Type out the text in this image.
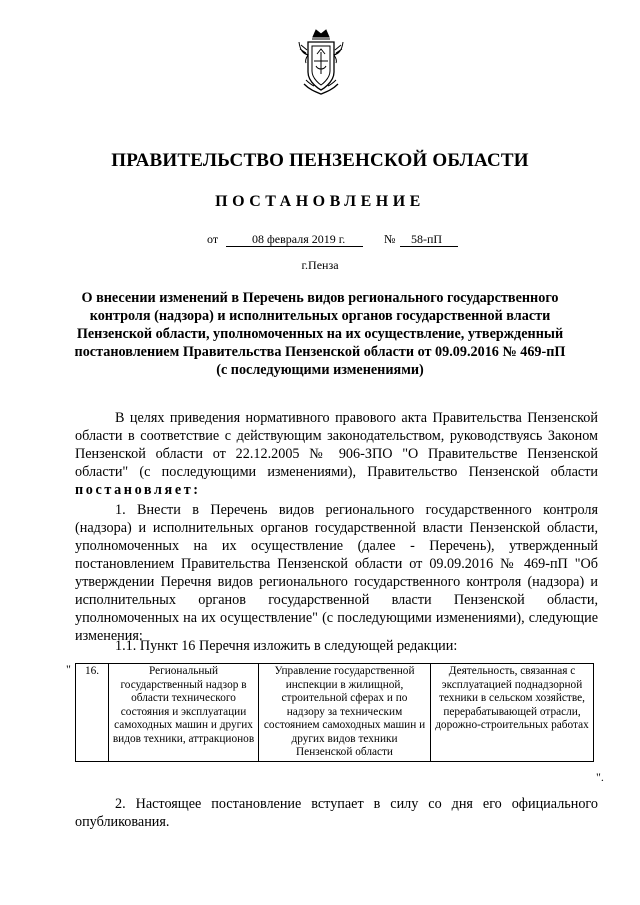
ПРАВИТЕЛЬСТВО ПЕНЗЕНСКОЙ ОБЛАСТИ
ПОСТАНОВЛЕНИЕ
от	08 февраля 2019 г.	№ 58-пП
г.Пенза
О внесении изменений в Перечень видов регионального государственного контроля (надзора) и исполнительных органов государственной власти Пензенской области, уполномоченных на их осуществление, утвержденный постановлением Правительства Пензенской области от 09.09.2016 № 469-пП (с последующими изменениями)

В целях приведения нормативного правового акта Правительства Пензенской области в соответствие с действующим законодательством, руководствуясь Законом Пензенской области от 22.12.2005 № 906-ЗПО "О Правительстве Пензенской области" (с последующими изменениями), Правительство Пензенской области постановляет:

1. Внести в Перечень видов регионального государственного контроля (надзора) и исполнительных органов государственной власти Пензенской области, уполномоченных на их осуществление (далее - Перечень), утвержденный постановлением Правительства Пензенской области от 09.09.2016 № 469-пП "Об утверждении Перечня видов регионального государственного контроля (надзора) и исполнительных органов государственной власти Пензенской области, уполномоченных на их осуществление" (с последующими изменениями), следующие изменения:

1.1. Пункт 16 Перечня изложить в следующей редакции:

" 16.	Региональный государственный надзор в области технического состояния и эксплуатации самоходных машин и других видов техники, аттракционов	Управление государственной инспекции в жилищной, строительной сферах и по надзору за техническим состоянием самоходных машин и других видов техники Пензенской области	Деятельность, связанная с эксплуатацией поднадзорной техники в сельском хозяйстве, перерабатывающей отрасли, дорожно-строительных работах
".

2. Настоящее постановление вступает в силу со дня его официального опубликования.
